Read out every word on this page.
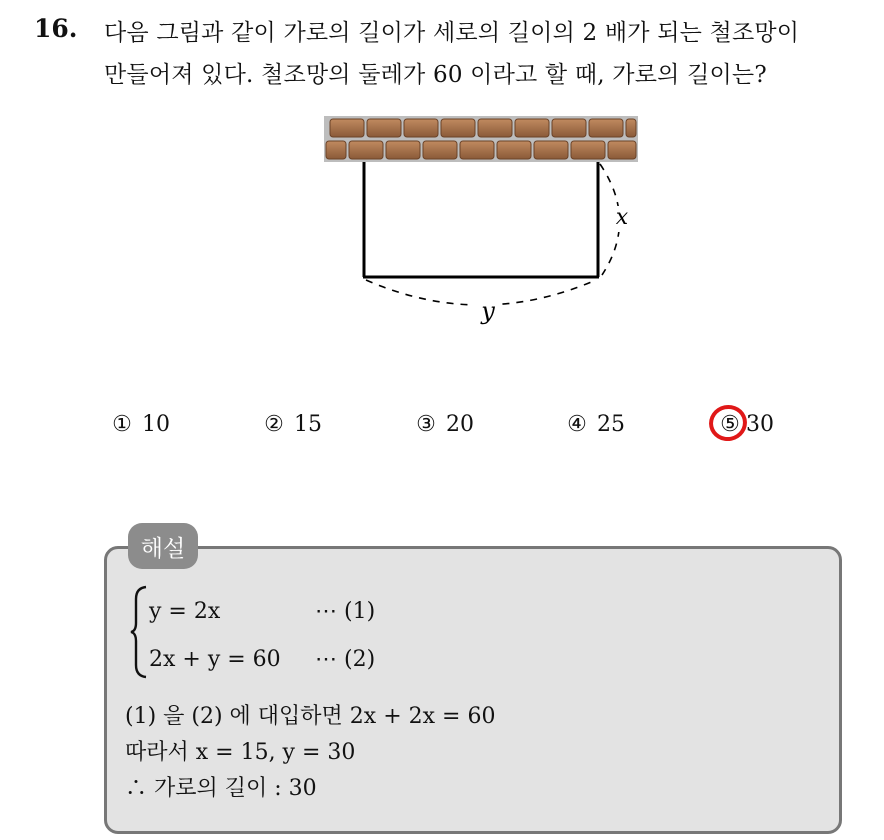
16. 다음 그림과 같이 가로의 길이가 세로의 길이의 2 배가 되는 철조망이
만들어져 있다. 철조망의 둘레가 60 이라고 할 때, 가로의 길이는?
x
y
① 10	② 15	③ 20	④ 25	⑤ 30
해설
y = 2x	⋯ (1)
2x + y = 60 ⋯ (2)
(1) 을 (2) 에 대입하면 2x + 2x = 60
따라서 x = 15, y = 30
∴ 가로의 길이 : 30
